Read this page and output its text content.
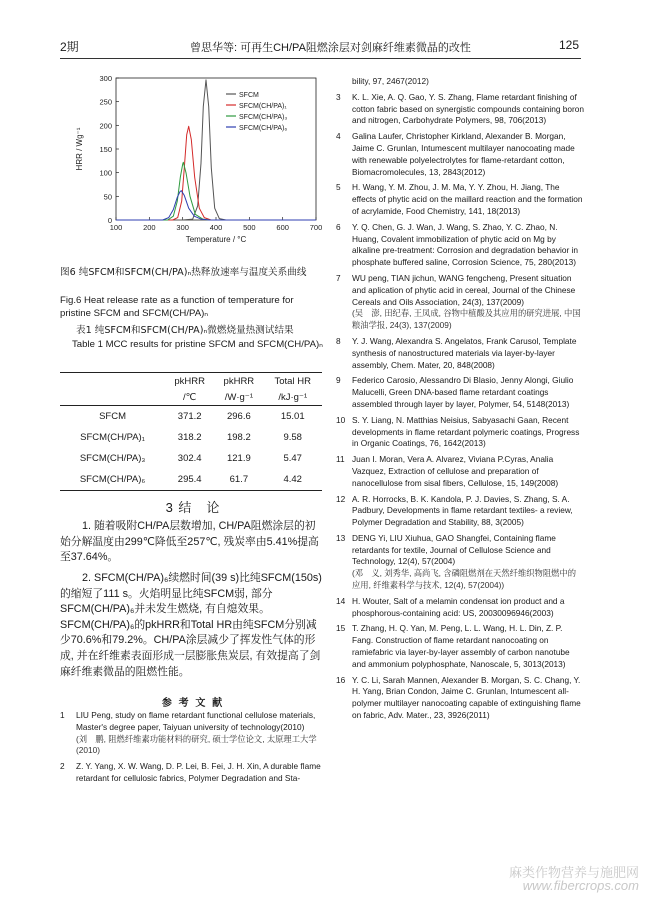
2期	曾思华等: 可再生CH/PA阻燃涂层对剑麻纤维素微晶的改性	125
0
50
100
150
200
250
300
100	200	300	400	500	600	700
Temperature / °C
HRR / Wg⁻¹
SFCM
SFCM(CH/PA)₁
SFCM(CH/PA)₃
SFCM(CH/PA)₆
图6 纯SFCM和SFCM(CH/PA)ₙ热释放速率与温度关系曲线
Fig.6 Heat release rate as a function of temperature for pristine SFCM and SFCM(CH/PA)ₙ
表1 纯SFCM和SFCM(CH/PA)ₙ微燃烧量热测试结果
Table 1 MCC results for pristine SFCM and SFCM(CH/PA)ₙ
	pkHRR	pkHRR	Total HR
	/℃	/W·g⁻¹	/kJ·g⁻¹
SFCM	371.2	296.6	15.01
SFCM(CH/PA)₁	318.2	198.2	9.58
SFCM(CH/PA)₃	302.4	121.9	5.47
SFCM(CH/PA)₆	295.4	61.7	4.42
3 结　论
1. 随着吸附CH/PA层数增加, CH/PA阻燃涂层的初始分解温度由299℃降低至257℃, 残炭率由5.41%提高至37.64%。
2. SFCM(CH/PA)₆续燃时间(39 s)比纯SFCM(150s)的缩短了111 s。火焰明显比纯SFCM弱, 部分SFCM(CH/PA)₆并未发生燃烧, 有自熄效果。SFCM(CH/PA)₆的pkHRR和Total HR由纯SFCM分别减少70.6%和79.2%。CH/PA涂层减少了挥发性气体的形成, 并在纤维素表面形成一层膨胀焦炭层, 有效提高了剑麻纤维素微晶的阻燃性能。
参 考 文 献
1 LIU Peng, study on flame retardant functional cellulose materials, Master's degree paper, Taiyuan university of technology(2010)
(刘　鹏, 阻燃纤维素功能材料的研究, 硕士学位论文, 太原理工大学(2010)
2 Z. Y. Yang, X. W. Wang, D. P. Lei, B. Fei, J. H. Xin, A durable flame retardant for cellulosic fabrics, Polymer Degradation and Sta-
bility, 97, 2467(2012)
3 K. L. Xie, A. Q. Gao, Y. S. Zhang, Flame retardant finishing of cotton fabric based on synergistic compounds containing boron and nitrogen, Carbohydrate Polymers, 98, 706(2013)
4 Galina Laufer, Christopher Kirkland, Alexander B. Morgan, Jaime C. Grunlan, Intumescent multilayer nanocoating made with renewable polyelectrolytes for flame-retardant cotton, Biomacromolecules, 13, 2843(2012)
5 H. Wang, Y. M. Zhou, J. M. Ma, Y. Y. Zhou, H. Jiang, The effects of phytic acid on the maillard reaction and the formation of acrylamide, Food Chemistry, 141, 18(2013)
6 Y. Q. Chen, G. J. Wan, J. Wang, S. Zhao, Y. C. Zhao, N. Huang, Covalent immobilization of phytic acid on Mg by alkaline pre-treatment: Corrosion and degradation behavior in phosphate buffered saline, Corrosion Science, 75, 280(2013)
7 WU peng, TIAN jichun, WANG fengcheng, Present situation and aplication of phytic acid in cereal, Journal of the Chinese Cereals and Oils Association, 24(3), 137(2009)
(吴　澎, 田纪春, 王凤成, 谷物中植酸及其应用的研究进展, 中国粮油学报, 24(3), 137(2009)
8 Y. J. Wang, Alexandra S. Angelatos, Frank Carusol, Template synthesis of nanostructured materials via layer-by-layer assembly, Chem. Mater, 20, 848(2008)
9 Federico Carosio, Alessandro Di Blasio, Jenny Alongi, Giulio Malucelli, Green DNA-based flame retardant coatings assembled through layer by layer, Polymer, 54, 5148(2013)
10 S. Y. Liang, N. Matthias Neisius, Sabyasachi Gaan, Recent developments in flame retardant polymeric coatings, Progress in Organic Coatings, 76, 1642(2013)
11 Juan I. Moran, Vera A. Alvarez, Viviana P.Cyras, Analia Vazquez, Extraction of cellulose and preparation of nanocellulose from sisal fibers, Cellulose, 15, 149(2008)
12 A. R. Horrocks, B. K. Kandola, P. J. Davies, S. Zhang, S. A. Padbury, Developments in flame retardant textiles- a review, Polymer Degradation and Stability, 88, 3(2005)
13 DENG Yi, LIU Xiuhua, GAO Shangfei, Containing flame retardants for textile, Journal of Cellulose Science and Technology, 12(4), 57(2004)
(邓　义, 刘秀华, 高尚飞, 含磷阻燃剂在天然纤维织物阻燃中的应用, 纤维素科学与技术, 12(4), 57(2004))
14 H. Wouter, Salt of a melamin condensat ion product and a phosphorous-containing acid: US, 20030096946(2003)
15 T. Zhang, H. Q. Yan, M. Peng, L. L. Wang, H. L. Din, Z. P. Fang. Construction of flame retardant nanocoating on ramiefabric via layer-by-layer assembly of carbon nanotube and ammonium polyphosphate, Nanoscale, 5, 3013(2013)
16 Y. C. Li, Sarah Mannen, Alexander B. Morgan, S. C. Chang, Y. H. Yang, Brian Condon, Jaime C. Grunlan, Intumescent all-polymer multilayer nanocoating capable of extinguishing flame on fabric, Adv. Mater., 23, 3926(2011)
麻类作物营养与施肥网
www.fibercrops.com
